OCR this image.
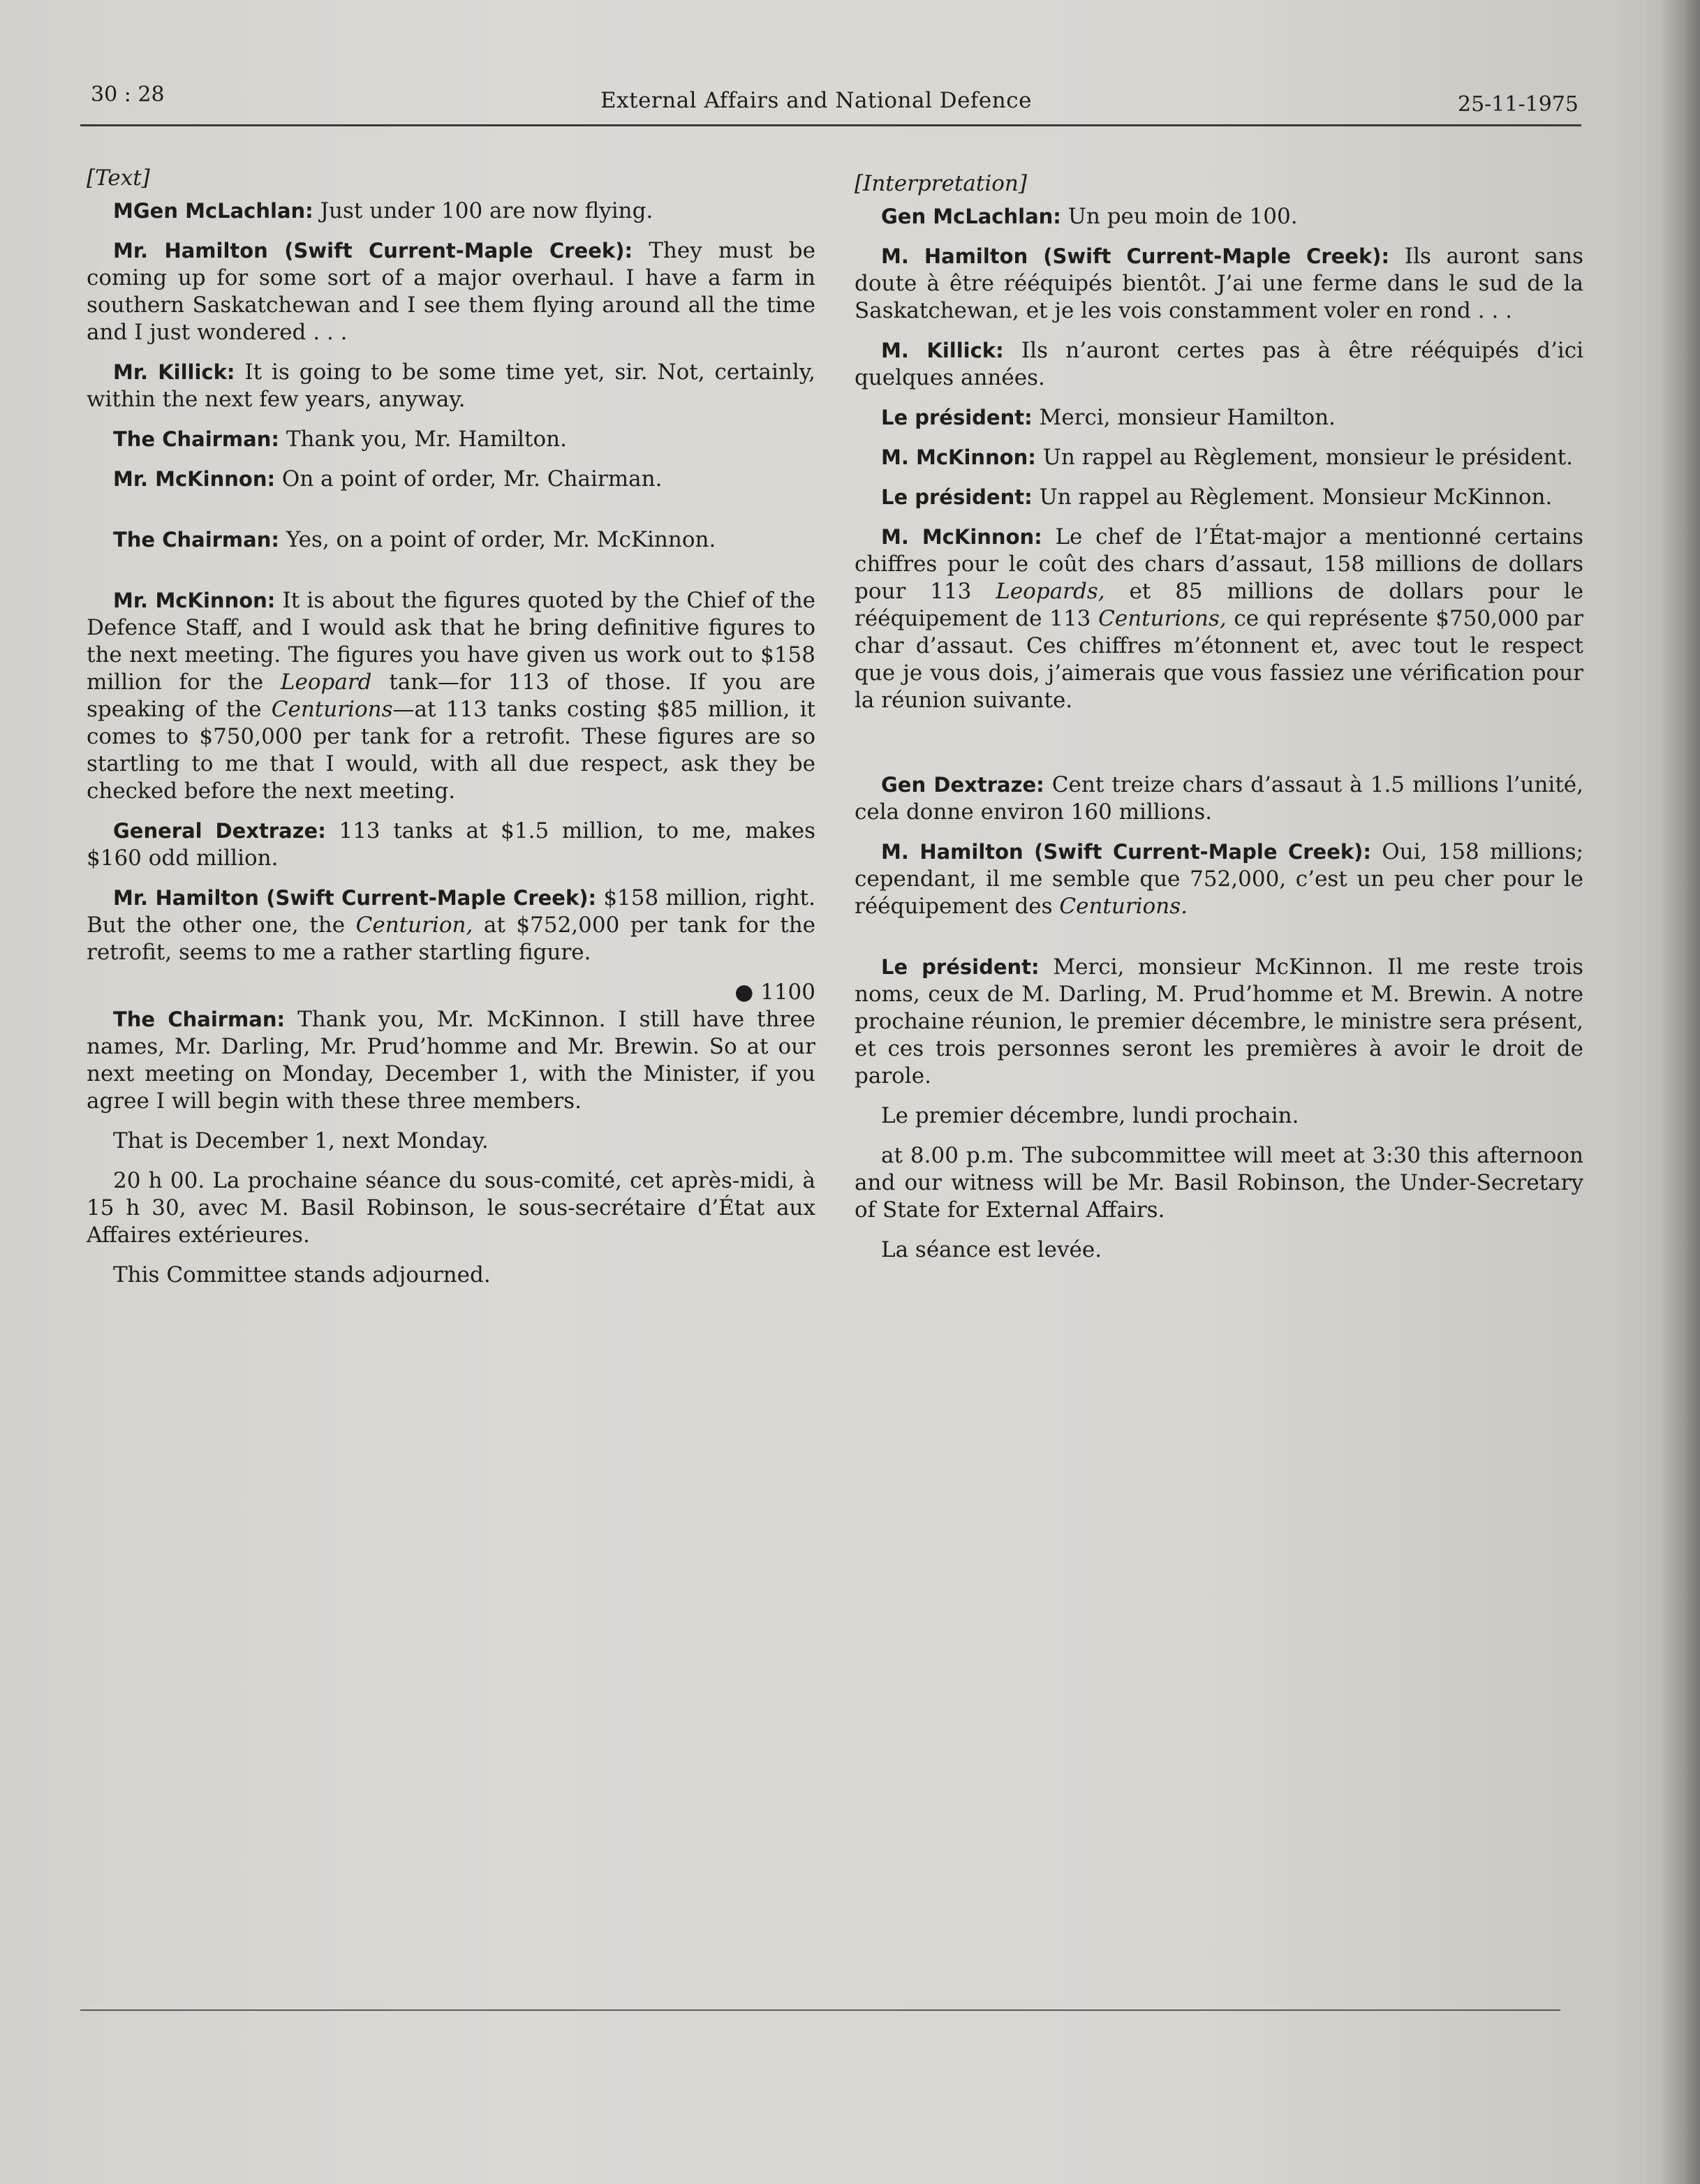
30 : 28	External Affairs and National Defence	25-11-1975

[Text]

MGen McLachlan: Just under 100 are now flying.

Mr. Hamilton (Swift Current-Maple Creek): They must be coming up for some sort of a major overhaul. I have a farm in southern Saskatchewan and I see them flying around all the time and I just wondered . . .

Mr. Killick: It is going to be some time yet, sir. Not, certainly, within the next few years, anyway.

The Chairman: Thank you, Mr. Hamilton.

Mr. McKinnon: On a point of order, Mr. Chairman.

The Chairman: Yes, on a point of order, Mr. McKinnon.

Mr. McKinnon: It is about the figures quoted by the Chief of the Defence Staff, and I would ask that he bring definitive figures to the next meeting. The figures you have given us work out to $158 million for the Leopard tank—for 113 of those. If you are speaking of the Centurions—at 113 tanks costing $85 million, it comes to $750,000 per tank for a retrofit. These figures are so startling to me that I would, with all due respect, ask they be checked before the next meeting.

General Dextraze: 113 tanks at $1.5 million, to me, makes $160 odd million.

Mr. Hamilton (Swift Current-Maple Creek): $158 million, right. But the other one, the Centurion, at $752,000 per tank for the retrofit, seems to me a rather startling figure.

● 1100

The Chairman: Thank you, Mr. McKinnon. I still have three names, Mr. Darling, Mr. Prud’homme and Mr. Brewin. So at our next meeting on Monday, December 1, with the Minister, if you agree I will begin with these three members.

That is December 1, next Monday.

20 h 00. La prochaine séance du sous-comité, cet après-midi, à 15 h 30, avec M. Basil Robinson, le sous-secrétaire d’État aux Affaires extérieures.

This Committee stands adjourned.

[Interpretation]

Gen McLachlan: Un peu moin de 100.

M. Hamilton (Swift Current-Maple Creek): Ils auront sans doute à être rééquipés bientôt. J’ai une ferme dans le sud de la Saskatchewan, et je les vois constamment voler en rond . . .

M. Killick: Ils n’auront certes pas à être rééquipés d’ici quelques années.

Le président: Merci, monsieur Hamilton.

M. McKinnon: Un rappel au Règlement, monsieur le président.

Le président: Un rappel au Règlement. Monsieur McKinnon.

M. McKinnon: Le chef de l’État-major a mentionné certains chiffres pour le coût des chars d’assaut, 158 millions de dollars pour 113 Leopards, et 85 millions de dollars pour le rééquipement de 113 Centurions, ce qui représente $750,000 par char d’assaut. Ces chiffres m’étonnent et, avec tout le respect que je vous dois, j’aimerais que vous fassiez une vérification pour la réunion suivante.

Gen Dextraze: Cent treize chars d’assaut à 1.5 millions l’unité, cela donne environ 160 millions.

M. Hamilton (Swift Current-Maple Creek): Oui, 158 millions; cependant, il me semble que 752,000, c’est un peu cher pour le rééquipement des Centurions.

Le président: Merci, monsieur McKinnon. Il me reste trois noms, ceux de M. Darling, M. Prud’homme et M. Brewin. A notre prochaine réunion, le premier décembre, le ministre sera présent, et ces trois personnes seront les premières à avoir le droit de parole.

Le premier décembre, lundi prochain.

at 8.00 p.m. The subcommittee will meet at 3:30 this afternoon and our witness will be Mr. Basil Robinson, the Under-Secretary of State for External Affairs.

La séance est levée.
